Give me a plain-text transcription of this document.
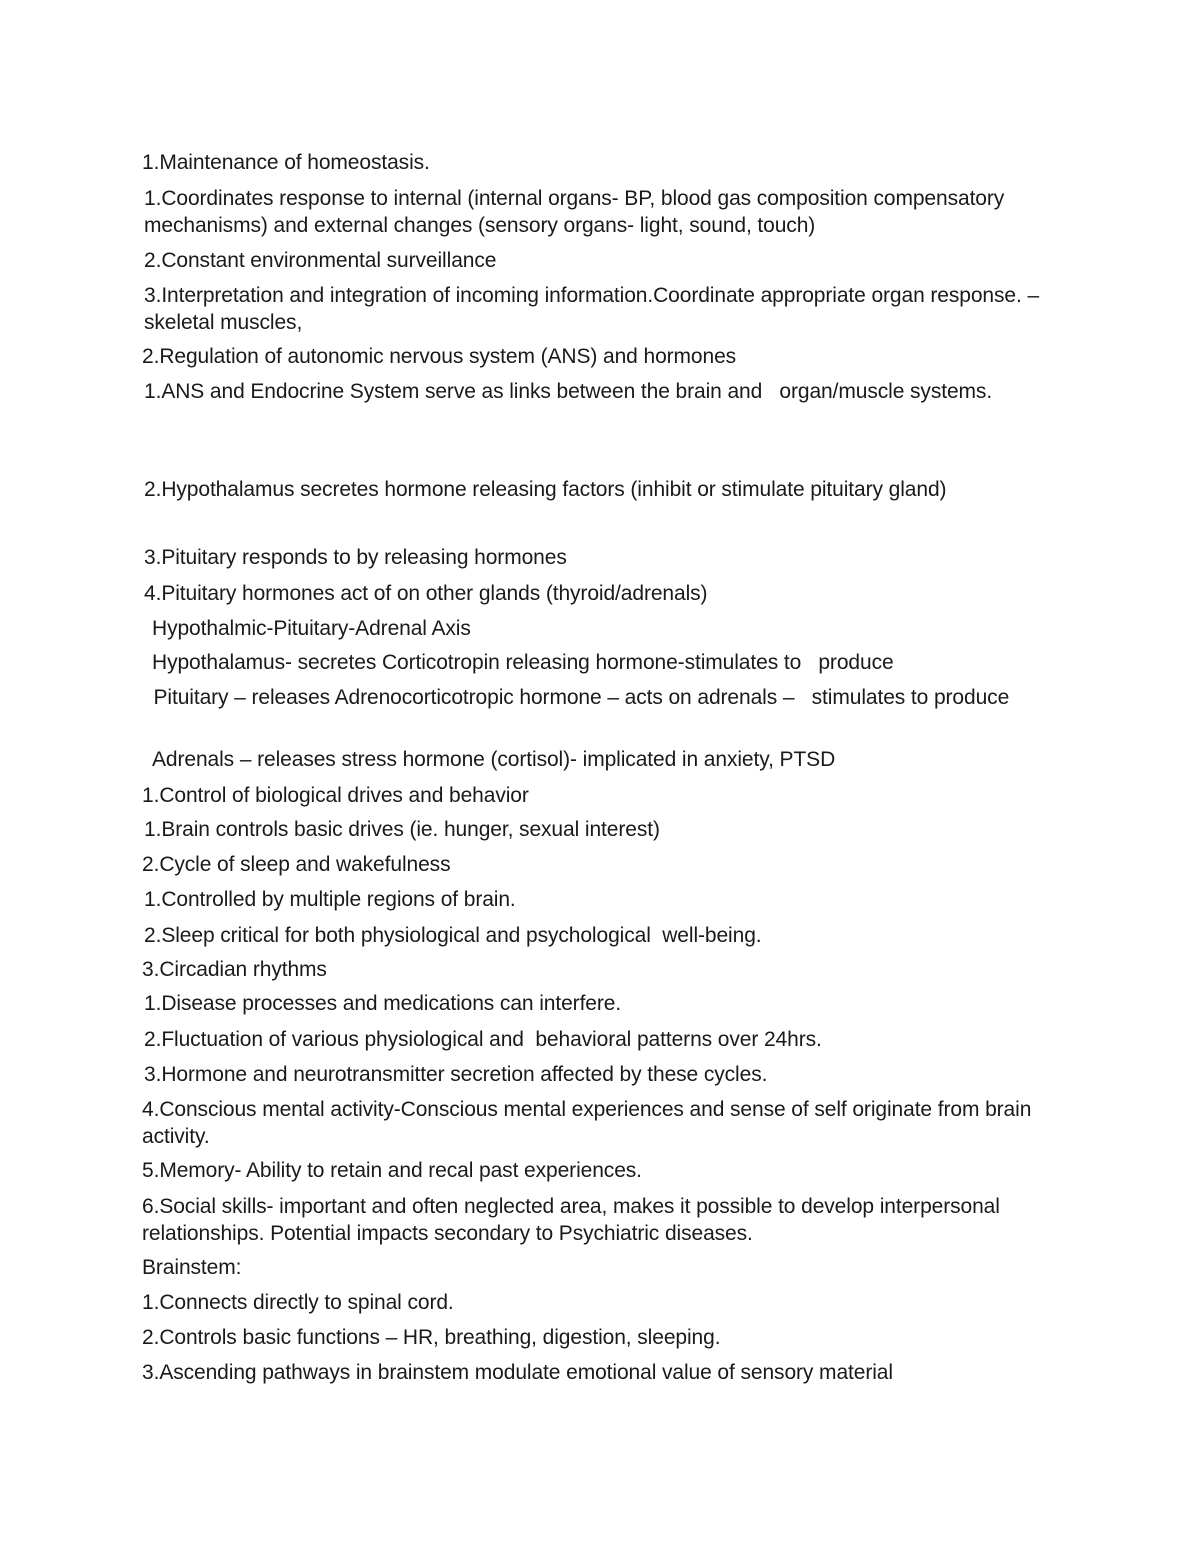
1.Maintenance of homeostasis.
1.Coordinates response to internal (internal organs- BP, blood gas composition compensatory mechanisms) and external changes (sensory organs- light, sound, touch)
2.Constant environmental surveillance
3.Interpretation and integration of incoming information.Coordinate appropriate organ response. – skeletal muscles,
2.Regulation of autonomic nervous system (ANS) and hormones
1.ANS and Endocrine System serve as links between the brain and   organ/muscle systems.
2.Hypothalamus secretes hormone releasing factors (inhibit or stimulate pituitary gland)
3.Pituitary responds to by releasing hormones
4.Pituitary hormones act of on other glands (thyroid/adrenals)
Hypothalmic-Pituitary-Adrenal Axis
Hypothalamus- secretes Corticotropin releasing hormone-stimulates to   produce
Pituitary – releases Adrenocorticotropic hormone – acts on adrenals –   stimulates to produce
Adrenals – releases stress hormone (cortisol)- implicated in anxiety, PTSD
1.Control of biological drives and behavior
1.Brain controls basic drives (ie. hunger, sexual interest)
2.Cycle of sleep and wakefulness
1.Controlled by multiple regions of brain.
2.Sleep critical for both physiological and psychological  well-being.
3.Circadian rhythms
1.Disease processes and medications can interfere.
2.Fluctuation of various physiological and  behavioral patterns over 24hrs.
3.Hormone and neurotransmitter secretion affected by these cycles.
4.Conscious mental activity-Conscious mental experiences and sense of self originate from brain activity.
5.Memory- Ability to retain and recal past experiences.
6.Social skills- important and often neglected area, makes it possible to develop interpersonal relationships. Potential impacts secondary to Psychiatric diseases.
Brainstem:
1.Connects directly to spinal cord.
2.Controls basic functions – HR, breathing, digestion, sleeping.
3.Ascending pathways in brainstem modulate emotional value of sensory material
